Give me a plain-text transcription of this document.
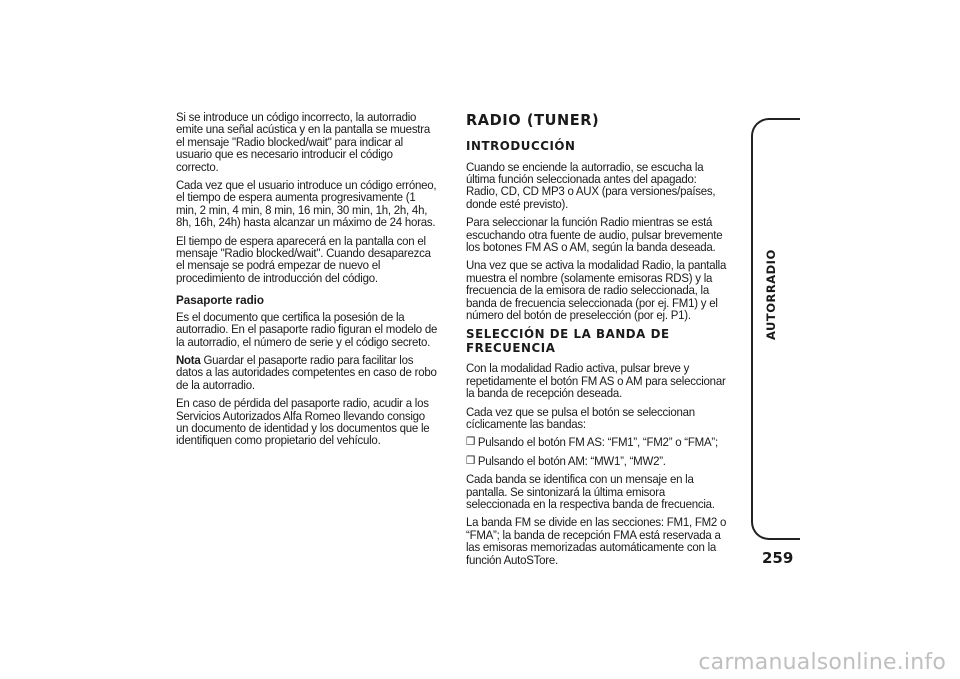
Si se introduce un código incorrecto, la autorradio emite una señal acústica y en la pantalla se muestra el mensaje "Radio blocked/wait" para indicar al usuario que es necesario introducir el código correcto.

Cada vez que el usuario introduce un código erróneo, el tiempo de espera aumenta progresivamente (1 min, 2 min, 4 min, 8 min, 16 min, 30 min, 1h, 2h, 4h, 8h, 16h, 24h) hasta alcanzar un máximo de 24 horas.

El tiempo de espera aparecerá en la pantalla con el mensaje "Radio blocked/wait". Cuando desaparezca el mensaje se podrá empezar de nuevo el procedimiento de introducción del código.

Pasaporte radio

Es el documento que certifica la posesión de la autorradio. En el pasaporte radio figuran el modelo de la autorradio, el número de serie y el código secreto.

Nota Guardar el pasaporte radio para facilitar los datos a las autoridades competentes en caso de robo de la autorradio.

En caso de pérdida del pasaporte radio, acudir a los Servicios Autorizados Alfa Romeo llevando consigo un documento de identidad y los documentos que le identifiquen como propietario del vehículo.

RADIO (TUNER)
INTRODUCCIÓN

Cuando se enciende la autorradio, se escucha la última función seleccionada antes del apagado: Radio, CD, CD MP3 o AUX (para versiones/países, donde esté previsto).

Para seleccionar la función Radio mientras se está escuchando otra fuente de audio, pulsar brevemente los botones FM AS o AM, según la banda deseada.

Una vez que se activa la modalidad Radio, la pantalla muestra el nombre (solamente emisoras RDS) y la frecuencia de la emisora de radio seleccionada, la banda de frecuencia seleccionada (por ej. FM1) y el número del botón de preselección (por ej. P1).

SELECCIÓN DE LA BANDA DE FRECUENCIA

Con la modalidad Radio activa, pulsar breve y repetidamente el botón FM AS o AM para seleccionar la banda de recepción deseada.

Cada vez que se pulsa el botón se seleccionan cíclicamente las bandas:

❒ Pulsando el botón FM AS: “FM1”, “FM2” o “FMA”;
❒ Pulsando el botón AM: “MW1”, “MW2”.

Cada banda se identifica con un mensaje en la pantalla. Se sintonizará la última emisora seleccionada en la respectiva banda de frecuencia.

La banda FM se divide en las secciones: FM1, FM2 o “FMA”; la banda de recepción FMA está reservada a las emisoras memorizadas automáticamente con la función AutoSTore.

AUTORRADIO
259
carmanualsonline.info
